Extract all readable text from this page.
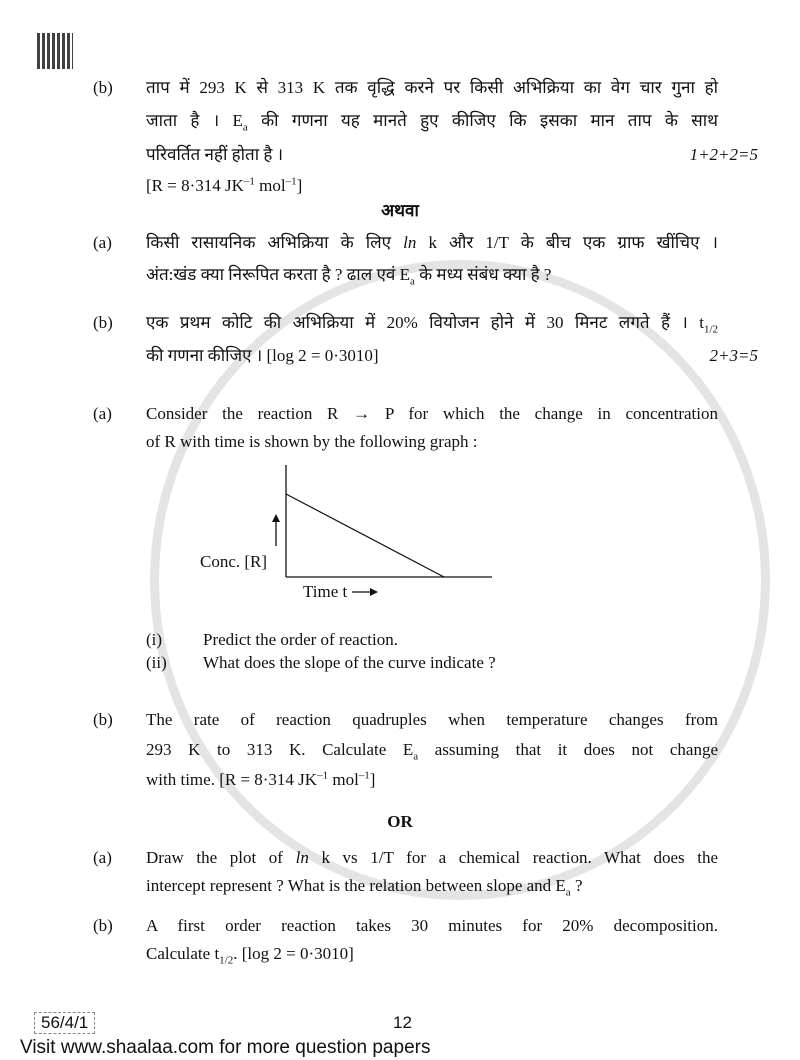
(b) ताप में 293 K से 313 K तक वृद्धि करने पर किसी अभिक्रिया का वेग चार गुना हो
जाता है । $E_a$ की गणना यह मानते हुए कीजिए कि इसका मान ताप के साथ
परिवर्तित नहीं होता है ।	1+2+2=5
[R = 8·314 $JK^{-1}$ mol$^{-1}$]
अथवा
(a) किसी रासायनिक अभिक्रिया के लिए ln k और 1/T के बीच एक ग्राफ खींचिए ।
अंत:खंड क्या निरूपित करता है ? ढाल एवं $E_a$ के मध्य संबंध क्या है ?
(b) एक प्रथम कोटि की अभिक्रिया में 20% वियोजन होने में 30 मिनट लगते हैं । $t_{1/2}$
की गणना कीजिए । [log 2 = 0·3010]	2+3=5
(a) Consider the reaction R → P for which the change in concentration
of R with time is shown by the following graph :
Conc. [R]
Time t
(i) Predict the order of reaction.
(ii) What does the slope of the curve indicate ?
(b) The rate of reaction quadruples when temperature changes from
293 K to 313 K. Calculate $E_a$ assuming that it does not change
with time. [R = 8·314 $JK^{-1}$ mol$^{-1}$]
OR
(a) Draw the plot of ln k vs 1/T for a chemical reaction. What does the
intercept represent ? What is the relation between slope and $E_a$ ?
(b) A first order reaction takes 30 minutes for 20% decomposition.
Calculate $t_{1/2}$. [log 2 = 0·3010]
56/4/1	12
Visit www.shaalaa.com for more question papers
